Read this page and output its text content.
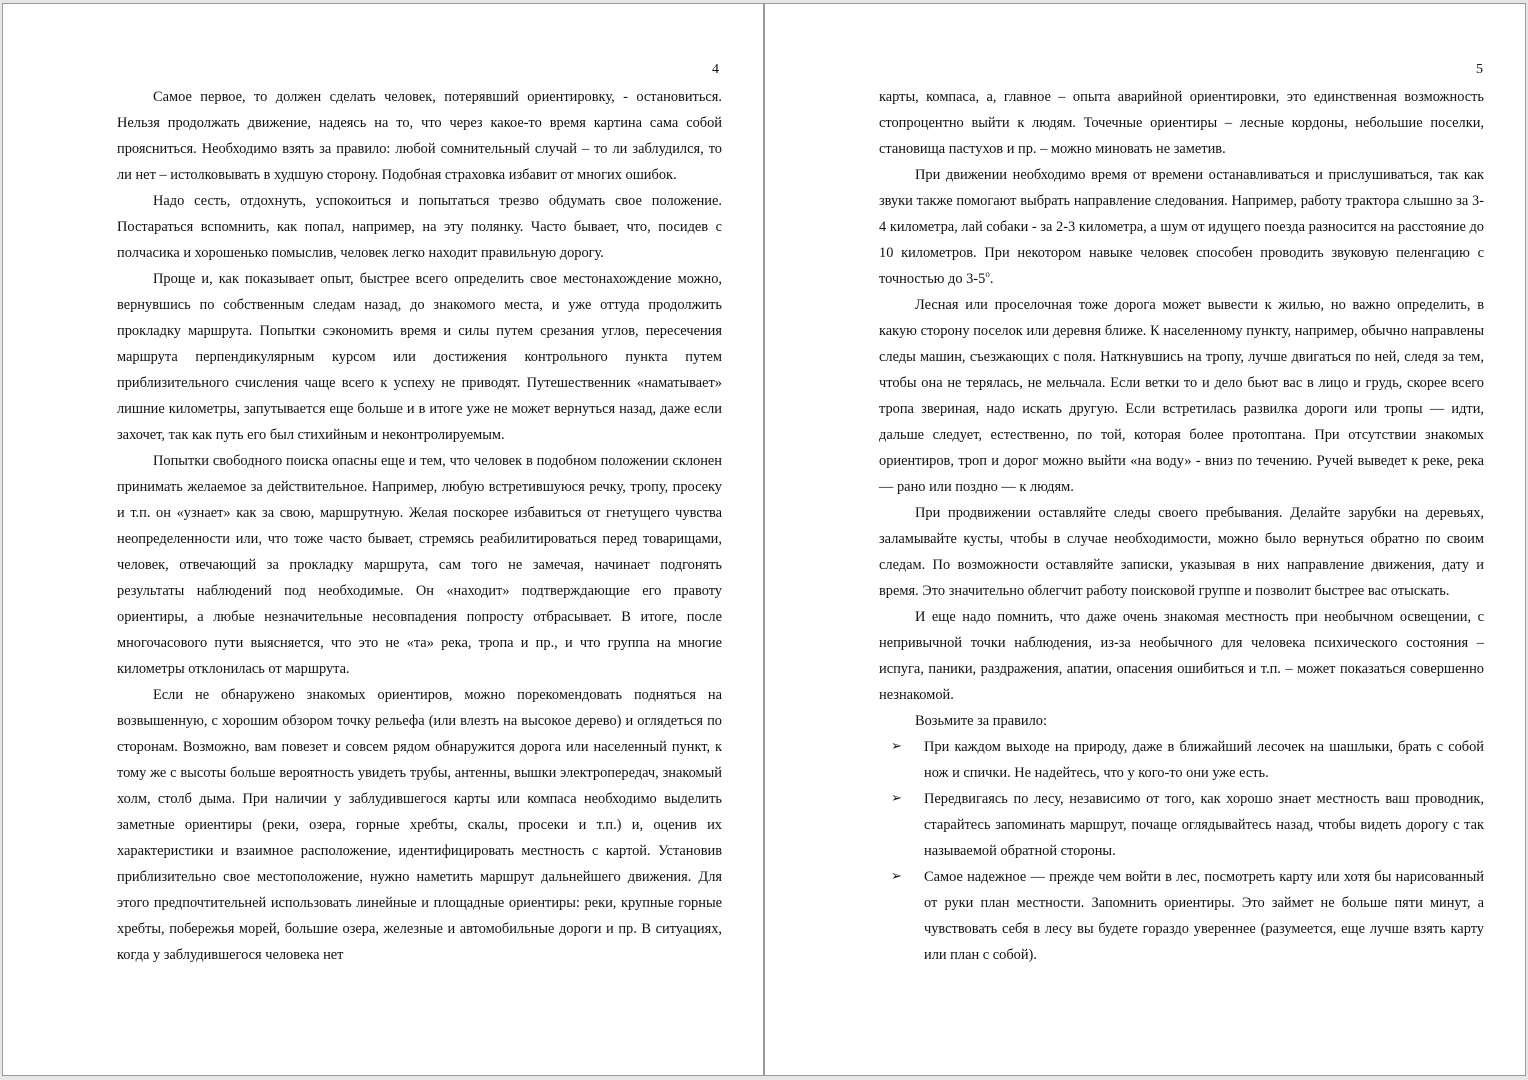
4

Самое первое, то должен сделать человек, потерявший ориентировку, - остановиться. Нельзя продолжать движение, надеясь на то, что через какое-то время картина сама собой проясниться. Необходимо взять за правило: любой сомнительный случай – то ли заблудился, то ли нет – истолковывать в худшую сторону. Подобная страховка избавит от многих ошибок.

Надо сесть, отдохнуть, успокоиться и попытаться трезво обдумать свое положение. Постараться вспомнить, как попал, например, на эту полянку. Часто бывает, что, посидев с полчасика и хорошенько помыслив, человек легко находит правильную дорогу.

Проще и, как показывает опыт, быстрее всего определить свое местонахождение можно, вернувшись по собственным следам назад, до знакомого места, и уже оттуда продолжить прокладку маршрута. Попытки сэкономить время и силы путем срезания углов, пересечения маршрута перпендикулярным курсом или достижения контрольного пункта путем приблизительного счисления чаще всего к успеху не приводят. Путешественник «наматывает» лишние километры, запутывается еще больше и в итоге уже не может вернуться назад, даже если захочет, так как путь его был стихийным и неконтролируемым.

Попытки свободного поиска опасны еще и тем, что человек в подобном положении склонен принимать желаемое за действительное. Например, любую встретившуюся речку, тропу, просеку и т.п. он «узнает» как за свою, маршрутную. Желая поскорее избавиться от гнетущего чувства неопределенности или, что тоже часто бывает, стремясь реабилитироваться перед товарищами, человек, отвечающий за прокладку маршрута, сам того не замечая, начинает подгонять результаты наблюдений под необходимые. Он «находит» подтверждающие его правоту ориентиры, а любые незначительные несовпадения попросту отбрасывает. В итоге, после многочасового пути выясняется, что это не «та» река, тропа и пр., и что группа на многие километры отклонилась от маршрута.

Если не обнаружено знакомых ориентиров, можно порекомендовать подняться на возвышенную, с хорошим обзором точку рельефа (или влезть на высокое дерево) и оглядеться по сторонам. Возможно, вам повезет и совсем рядом обнаружится дорога или населенный пункт, к тому же с высоты больше вероятность увидеть трубы, антенны, вышки электропередач, знакомый холм, столб дыма. При наличии у заблудившегося карты или компаса необходимо выделить заметные ориентиры (реки, озера, горные хребты, скалы, просеки и т.п.) и, оценив их характеристики и взаимное расположение, идентифицировать местность с картой. Установив приблизительно свое местоположение, нужно наметить маршрут дальнейшего движения. Для этого предпочтительней использовать линейные и площадные ориентиры: реки, крупные горные хребты, побережья морей, большие озера, железные и автомобильные дороги и пр. В ситуациях, когда у заблудившегося человека нет

5

карты, компаса, а, главное – опыта аварийной ориентировки, это единственная возможность стопроцентно выйти к людям. Точечные ориентиры – лесные кордоны, небольшие поселки, становища пастухов и пр. – можно миновать не заметив.

При движении необходимо время от времени останавливаться и прислушиваться, так как звуки также помогают выбрать направление следования. Например, работу трактора слышно за 3-4 километра, лай собаки - за 2-3 километра, а шум от идущего поезда разносится на расстояние до 10 километров. При некотором навыке человек способен проводить звуковую пеленгацию с точностью до $3-5^о$.

Лесная или проселочная тоже дорога может вывести к жилью, но важно определить, в какую сторону поселок или деревня ближе. К населенному пункту, например, обычно направлены следы машин, съезжающих с поля. Наткнувшись на тропу, лучше двигаться по ней, следя за тем, чтобы она не терялась, не мельчала. Если ветки то и дело бьют вас в лицо и грудь, скорее всего тропа звериная, надо искать другую. Если встретилась развилка дороги или тропы — идти, дальше следует, естественно, по той, которая более протоптана. При отсутствии знакомых ориентиров, троп и дорог можно выйти «на воду» - вниз по течению. Ручей выведет к реке, река — рано или поздно — к людям.

При продвижении оставляйте следы своего пребывания. Делайте зарубки на деревьях, заламывайте кусты, чтобы в случае необходимости, можно было вернуться обратно по своим следам. По возможности оставляйте записки, указывая в них направление движения, дату и время. Это значительно облегчит работу поисковой группе и позволит быстрее вас отыскать.

И еще надо помнить, что даже очень знакомая местность при необычном освещении, с непривычной точки наблюдения, из-за необычного для человека психического состояния – испуга, паники, раздражения, апатии, опасения ошибиться и т.п. – может показаться совершенно незнакомой.

Возьмите за правило:

➢ При каждом выходе на природу, даже в ближайший лесочек на шашлыки, брать с собой нож и спички. Не надейтесь, что у кого-то они уже есть.
➢ Передвигаясь по лесу, независимо от того, как хорошо знает местность ваш проводник, старайтесь запоминать маршрут, почаще оглядывайтесь назад, чтобы видеть дорогу с так называемой обратной стороны.
➢ Самое надежное — прежде чем войти в лес, посмотреть карту или хотя бы нарисованный от руки план местности. Запомнить ориентиры. Это займет не больше пяти минут, а чувствовать себя в лесу вы будете гораздо увереннее (разумеется, еще лучше взять карту или план с собой).
